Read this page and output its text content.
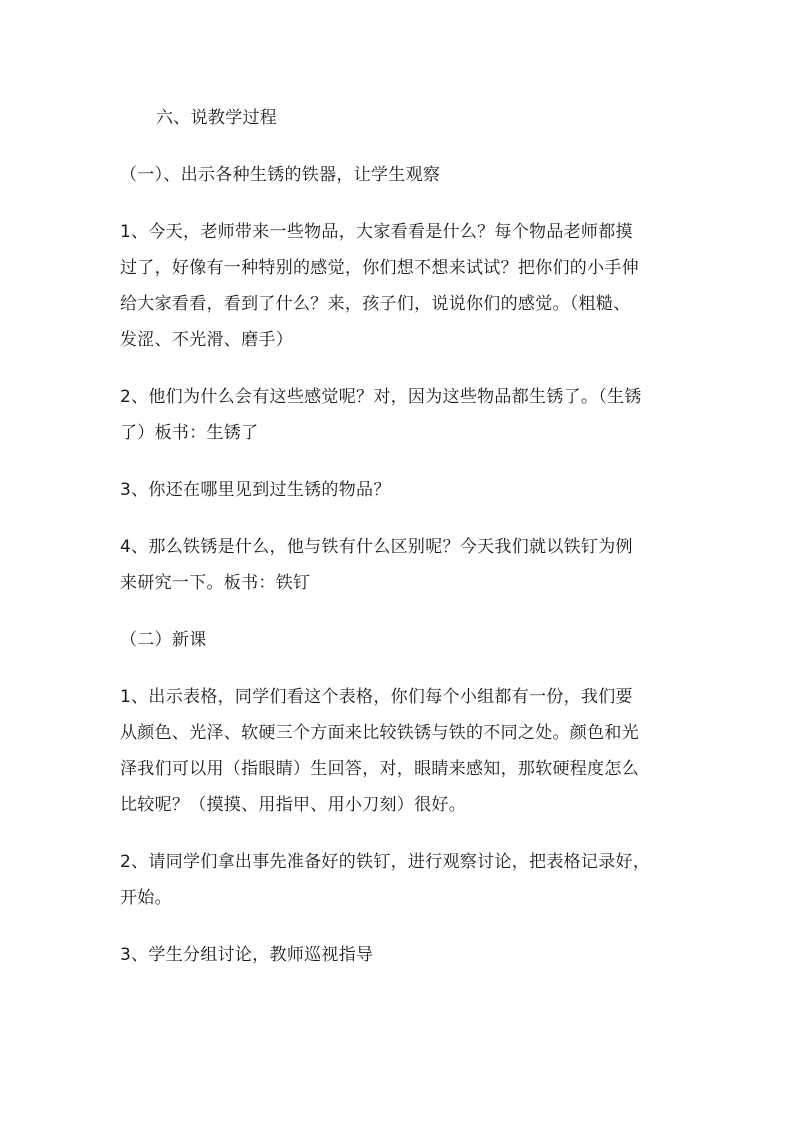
六、说教学过程

（一）、出示各种生锈的铁器，让学生观察

1、今天，老师带来一些物品，大家看看是什么？每个物品老师都摸
过了，好像有一种特别的感觉，你们想不想来试试？把你们的小手伸
给大家看看，看到了什么？来，孩子们，说说你们的感觉。（粗糙、
发涩、不光滑、磨手）

2、他们为什么会有这些感觉呢？对，因为这些物品都生锈了。（生锈
了）板书：生锈了

3、你还在哪里见到过生锈的物品？

4、那么铁锈是什么，他与铁有什么区别呢？今天我们就以铁钉为例
来研究一下。板书：铁钉

（二）新课

1、出示表格，同学们看这个表格，你们每个小组都有一份，我们要
从颜色、光泽、软硬三个方面来比较铁锈与铁的不同之处。颜色和光
泽我们可以用（指眼睛）生回答，对，眼睛来感知，那软硬程度怎么
比较呢？（摸摸、用指甲、用小刀刻）很好。

2、请同学们拿出事先准备好的铁钉，进行观察讨论，把表格记录好，
开始。

3、学生分组讨论，教师巡视指导
